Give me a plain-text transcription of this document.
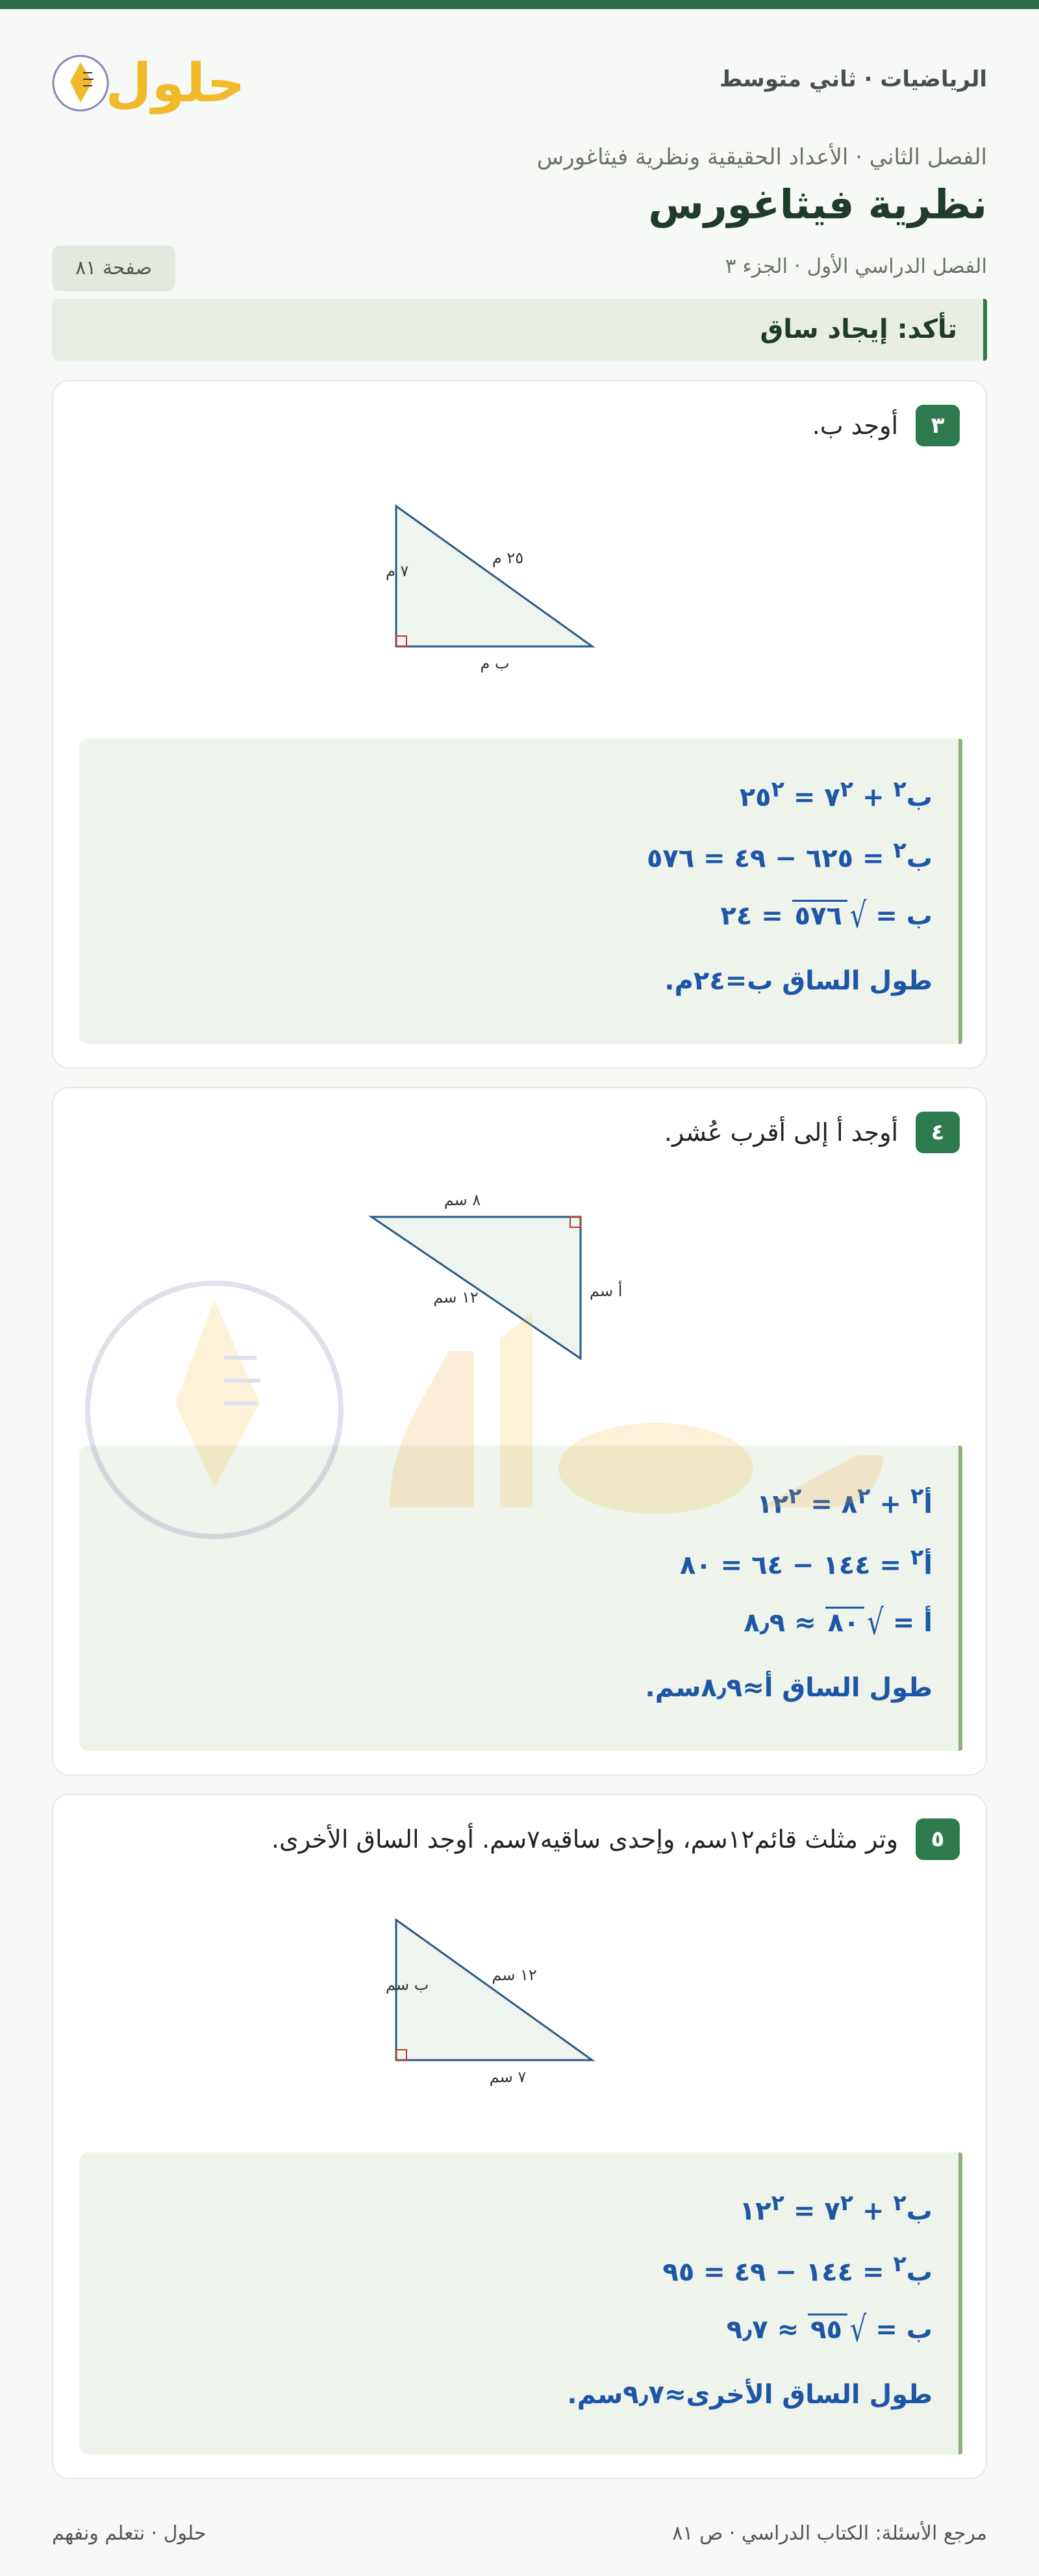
الرياضيات · ثاني متوسط
حلول
الفصل الثاني · الأعداد الحقيقية ونظرية فيثاغورس
نظرية فيثاغورس
الفصل الدراسي الأول · الجزء ٣
صفحة ٨١
تأكد: إيجاد ساق
٣
أوجد ب.
٧ م
٢٥ م
ب م
ب$^٢$ + $٧^٢$ = $٢٥^٢$
ب$^٢$ = ٦٢٥ − ٤٩ = ٥٧٦
ب = √٥٧٦ = ٢٤
طول الساق ب=٢٤م.
٤
أوجد أ إلى أقرب عُشر.
٨ سم
١٢ سم	أ سم
أ$^٢$ + $٨^٢$ = $١٢^٢$
أ$^٢$ = ١٤٤ − ٦٤ = ٨٠
أ = √٨٠ ≈ ٨٫٩
طول الساق أ≈٨٫٩سم.
٥
وتر مثلث قائم١٢سم، وإحدى ساقيه٧سم. أوجد الساق الأخرى.
ب سم
١٢ سم
٧ سم
ب$^٢$ + $٧^٢$ = $١٢^٢$
ب$^٢$ = ١٤٤ − ٤٩ = ٩٥
ب = √٩٥ ≈ ٩٫٧
طول الساق الأخرى≈٩٫٧سم.
مرجع الأسئلة: الكتاب الدراسي · ص ٨١
حلول · نتعلم ونفهم
